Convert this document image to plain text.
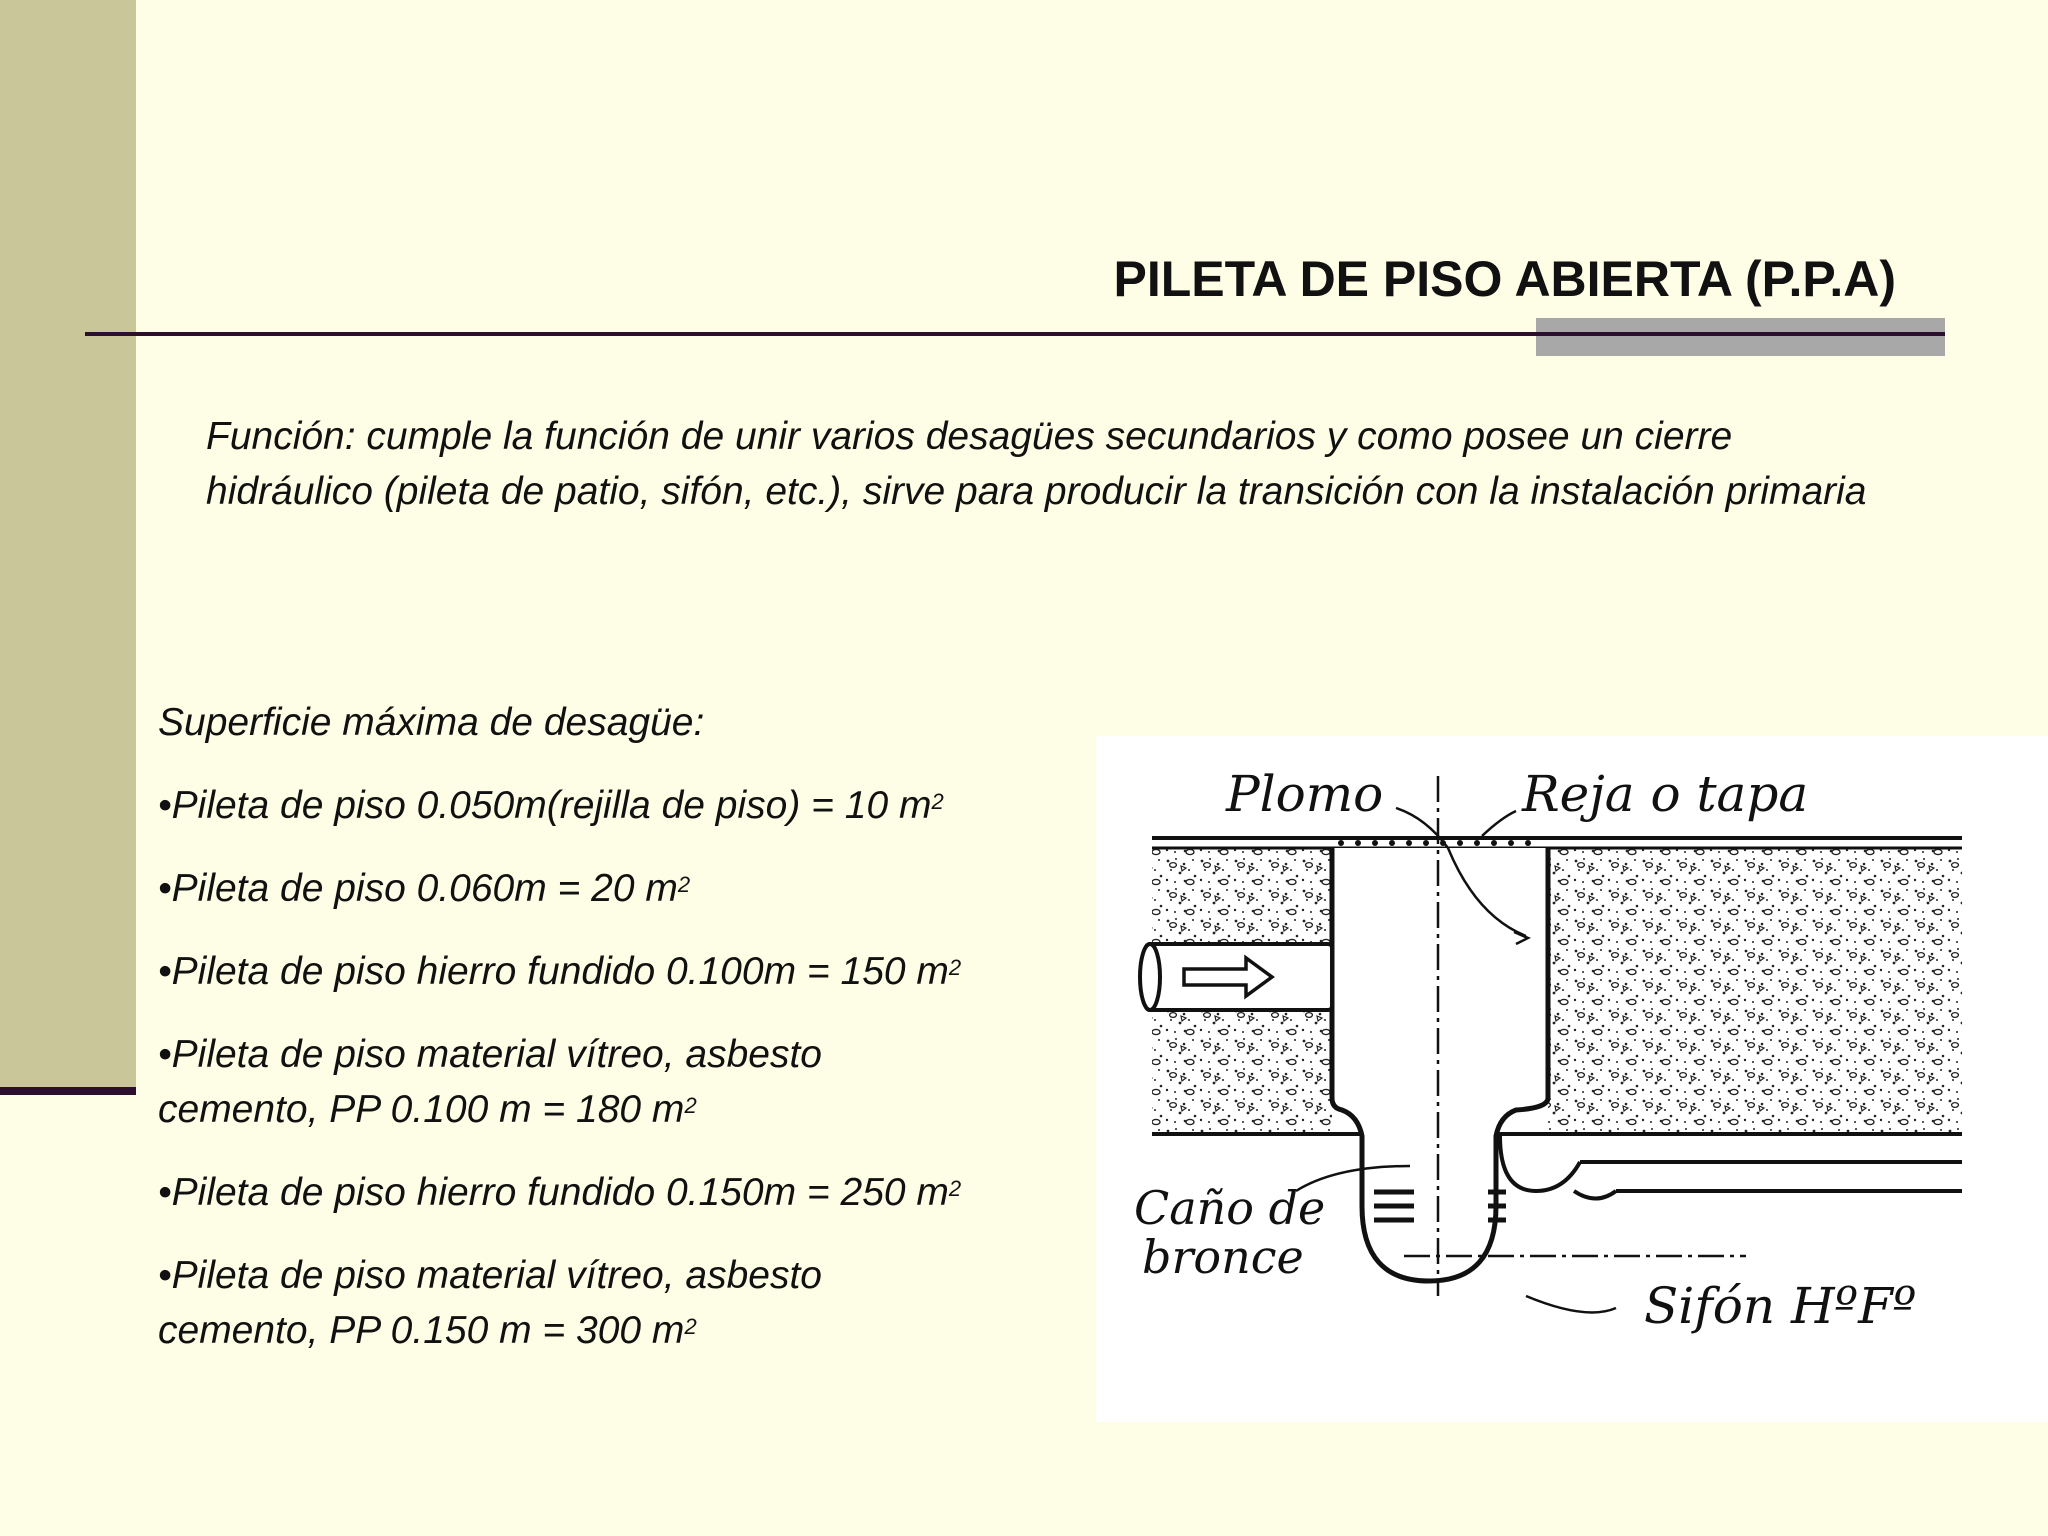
PILETA DE PISO ABIERTA (P.P.A)
Función: cumple la función de unir varios desagües secundarios y como posee un cierre hidráulico (pileta de patio, sifón, etc.), sirve para producir la transición con la instalación primaria

Superficie máxima de desagüe:

•Pileta de piso 0.050m(rejilla de piso) = 10 $m^2$

•Pileta de piso 0.060m = 20 $m^2$

•Pileta de piso hierro fundido 0.100m = 150 $m^2$

•Pileta de piso material vítreo, asbesto cemento, PP 0.100 m = 180 $m^2$

•Pileta de piso hierro fundido 0.150m = 250 $m^2$

•Pileta de piso material vítreo, asbesto cemento, PP 0.150 m = 300 $m^2$

Plomo	Reja o tapa
Caño de
bronce
Sifón HºFº
